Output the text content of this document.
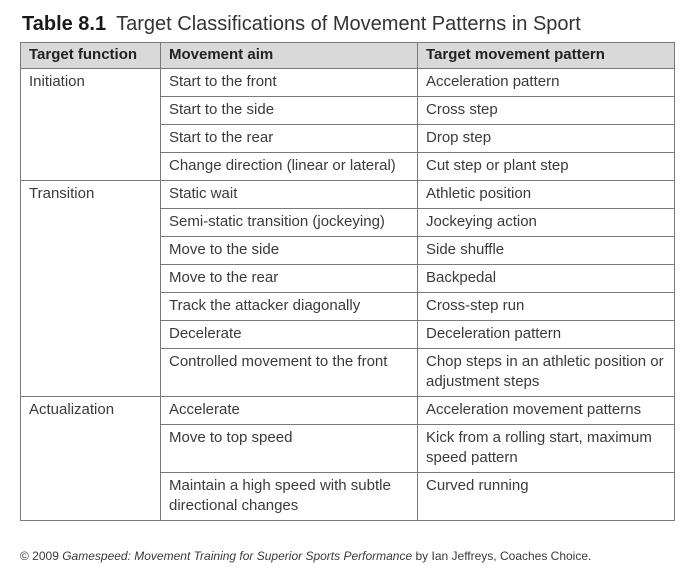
Table 8.1 Target Classifications of Movement Patterns in Sport
Target function	Movement aim	Target movement pattern
Initiation	Start to the front	Acceleration pattern
	Start to the side	Cross step
	Start to the rear	Drop step
	Change direction (linear or lateral)	Cut step or plant step
Transition	Static wait	Athletic position
	Semi-static transition (jockeying)	Jockeying action
	Move to the side	Side shuffle
	Move to the rear	Backpedal
	Track the attacker diagonally	Cross-step run
	Decelerate	Deceleration pattern
	Controlled movement to the front	Chop steps in an athletic position or adjustment steps
Actualization	Accelerate	Acceleration movement patterns
	Move to top speed	Kick from a rolling start, maximum speed pattern
	Maintain a high speed with subtle directional changes	Curved running
© 2009 Gamespeed: Movement Training for Superior Sports Performance by Ian Jeffreys, Coaches Choice.
